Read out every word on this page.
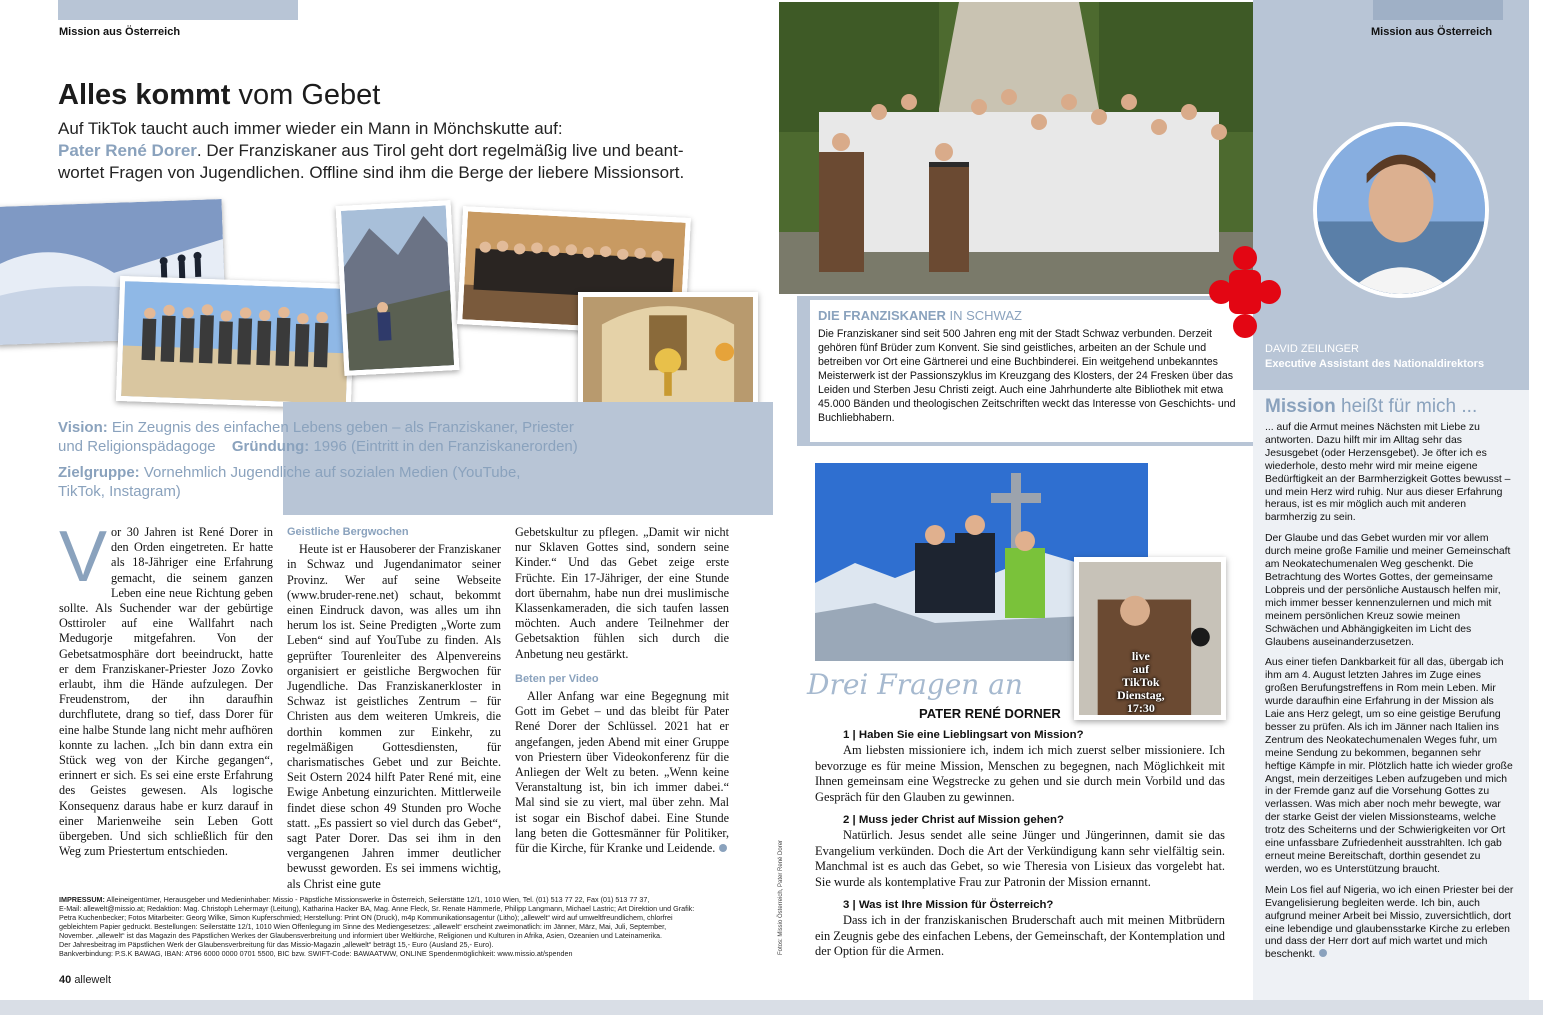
Mission aus Österreich
Alles kommt vom Gebet
Auf TikTok taucht auch immer wieder ein Mann in Mönchskutte auf:
Pater René Dorer. Der Franziskaner aus Tirol geht dort regelmäßig live und beant-
wortet Fragen von Jugendlichen. Offline sind ihm die Berge der liebere Missionsort.
Vision: Ein Zeugnis des einfachen Lebens geben – als Franziskaner, Priester
und Religionspädagoge Gründung: 1996 (Eintritt in den Franziskanerorden)
Zielgruppe: Vornehmlich Jugendliche auf sozialen Medien (YouTube,
TikTok, Instagram)
V or 30 Jahren ist René Dorer in den Orden eingetreten. Er hatte als 18-Jähriger eine Erfahrung gemacht, die seinem ganzen Leben eine neue Richtung geben sollte. Als Suchender war der gebürtige Osttiroler auf eine Wallfahrt nach Medugorje mitgefahren. Von der Gebetsatmosphäre dort beeindruckt, hatte er dem Franziskaner-Priester Jozo Zovko erlaubt, ihm die Hände aufzulegen. Der Freudenstrom, der ihn daraufhin durchflutete, drang so tief, dass Dorer für eine halbe Stunde lang nicht mehr aufhören konnte zu lachen. „Ich bin dann extra ein Stück weg von der Kirche gegangen“, erinnert er sich. Es sei eine erste Erfahrung des Geistes gewesen. Als logische Konsequenz daraus habe er kurz darauf in einer Marienweihe sein Leben Gott übergeben. Und sich schließlich für den Weg zum Priestertum entschieden.

Geistliche Bergwochen

Heute ist er Hausoberer der Franziskaner in Schwaz und Jugendanimator seiner Provinz. Wer auf seine Webseite (www.bruder-rene.net) schaut, bekommt einen Eindruck davon, was alles um ihn herum los ist. Seine Predigten „Worte zum Leben“ sind auf YouTube zu finden. Als geprüfter Tourenleiter des Alpenvereins organisiert er geistliche Bergwochen für Jugendliche. Das Franziskanerkloster in Schwaz ist geistliches Zentrum – für Christen aus dem weiteren Umkreis, die dorthin kommen zur Einkehr, zu regelmäßigen Gottesdiensten, für charismatisches Gebet und zur Beichte. Seit Ostern 2024 hilft Pater René mit, eine Ewige Anbetung einzurichten. Mittlerweile findet diese schon 49 Stunden pro Woche statt. „Es passiert so viel durch das Gebet“, sagt Pater Dorer. Das sei ihm in den vergangenen Jahren immer deutlicher bewusst geworden. Es sei immens wichtig, als Christ eine gute

Gebetskultur zu pflegen. „Damit wir nicht nur Sklaven Gottes sind, sondern seine Kinder.“ Und das Gebet zeige erste Früchte. Ein 17-Jähriger, der eine Stunde dort übernahm, habe nun drei muslimische Klassenkameraden, die sich taufen lassen möchten. Auch andere Teilnehmer der Gebetsaktion fühlen sich durch die Anbetung neu gestärkt.

Beten per Video

Aller Anfang war eine Begegnung mit Gott im Gebet – und das bleibt für Pater René Dorer der Schlüssel. 2021 hat er angefangen, jeden Abend mit einer Gruppe von Priestern über Videokonferenz für die Anliegen der Welt zu beten. „Wenn keine Veranstaltung ist, bin ich immer dabei.“ Mal sind sie zu viert, mal über zehn. Mal ist sogar ein Bischof dabei. Eine Stunde lang beten die Gottesmänner für Politiker, für die Kirche, für Kranke und Leidende.

IMPRESSUM: Alleineigentümer, Herausgeber und Medieninhaber: Missio - Päpstliche Missionswerke in Österreich, Seilerstätte 12/1, 1010 Wien, Tel. (01) 513 77 22, Fax (01) 513 77 37,
E-Mail: allewelt@missio.at; Redaktion: Mag. Christoph Lehermayr (Leitung), Katharina Hacker BA, Mag. Anne Fleck, Sr. Renate Hämmerle, Philipp Langmann, Michael Lastric; Art Direktion und Grafik:
Petra Kuchenbecker; Fotos Mitarbeiter: Georg Wilke, Simon Kupferschmied; Herstellung: Print ON (Druck), m4p Kommunikationsagentur (Litho); „allewelt“ wird auf umweltfreundlichem, chlorfrei
gebleichtem Papier gedruckt. Bestellungen: Seilerstätte 12/1, 1010 Wien Offenlegung im Sinne des Mediengesetzes: „allewelt“ erscheint zweimonatlich: im Jänner, März, Mai, Juli, September,
November. „allewelt“ ist das Magazin des Päpstlichen Werkes der Glaubensverbreitung und informiert über Weltkirche, Religionen und Kulturen in Afrika, Asien, Ozeanien und Lateinamerika.
Der Jahresbeitrag im Päpstlichen Werk der Glaubensverbreitung für das Missio-Magazin „allewelt“ beträgt 15,- Euro (Ausland 25,- Euro).
Bankverbindung: P.S.K BAWAG, IBAN: AT96 6000 0000 0701 5500, BIC bzw. SWIFT-Code: BAWAATWW, ONLINE Spendenmöglichkeit: www.missio.at/spenden
40 allewelt
DIE FRANZISKANER IN SCHWAZ
Die Franziskaner sind seit 500 Jahren eng mit der Stadt Schwaz verbunden. Derzeit gehören fünf Brüder zum Konvent. Sie sind geistliches, arbeiten an der Schule und betreiben vor Ort eine Gärtnerei und eine Buchbinderei. Ein weitgehend unbekanntes Meisterwerk ist der Passionszyklus im Kreuzgang des Klosters, der 24 Fresken über das Leiden und Sterben Jesu Christi zeigt. Auch eine Jahrhunderte alte Bibliothek mit etwa 45.000 Bänden und theologischen Zeitschriften weckt das Interesse von Geschichts- und Buchliebhabern.
live
auf
TikTok
Dienstag,
17:30
Fotos: Missio Österreich, Pater René Dorer
Drei Fragen an
PATER RENÉ DORNER
1 | Haben Sie eine Lieblingsart von Mission?

Am liebsten missioniere ich, indem ich mich zuerst selber missioniere. Ich bevorzuge es für meine Mission, Menschen zu begegnen, nach Möglichkeit mit Ihnen gemeinsam eine Wegstrecke zu gehen und sie durch mein Vorbild und das Gespräch für den Glauben zu gewinnen.

2 | Muss jeder Christ auf Mission gehen?

Natürlich. Jesus sendet alle seine Jünger und Jüngerinnen, damit sie das Evangelium verkünden. Doch die Art der Verkündigung kann sehr vielfältig sein. Manchmal ist es auch das Gebet, so wie Theresia von Lisieux das vorgelebt hat. Sie wurde als kontemplative Frau zur Patronin der Mission ernannt.

3 | Was ist Ihre Mission für Österreich?

Dass ich in der franziskanischen Bruderschaft auch mit meinen Mitbrüdern ein Zeugnis gebe des einfachen Lebens, der Gemeinschaft, der Kontemplation und der Option für die Armen.

Mission aus Österreich
DAVID ZEILINGER
Executive Assistant des Nationaldirektors
Mission heißt für mich ...

... auf die Armut meines Nächsten mit Liebe zu antworten. Dazu hilft mir im Alltag sehr das Jesusgebet (oder Herzensgebet). Je öfter ich es wiederhole, desto mehr wird mir meine eigene Bedürftigkeit an der Barmherzigkeit Gottes bewusst – und mein Herz wird ruhig. Nur aus dieser Erfahrung heraus, ist es mir möglich auch mit anderen barmherzig zu sein.

Der Glaube und das Gebet wurden mir vor allem durch meine große Familie und meiner Gemeinschaft am Neokatechumenalen Weg geschenkt. Die Betrachtung des Wortes Gottes, der gemeinsame Lobpreis und der persönliche Austausch helfen mir, mich immer besser kennenzulernen und mich mit meinem persönlichen Kreuz sowie meinen Schwächen und Abhängigkeiten im Licht des Glaubens auseinanderzusetzen.

Aus einer tiefen Dankbarkeit für all das, übergab ich ihm am 4. August letzten Jahres im Zuge eines großen Berufungstreffens in Rom mein Leben. Mir wurde daraufhin eine Erfahrung in der Mission als Laie ans Herz gelegt, um so eine geistige Berufung besser zu prüfen. Als ich im Jänner nach Italien ins Zentrum des Neokatechumenalen Weges fuhr, um meine Sendung zu bekommen, begannen sehr heftige Kämpfe in mir. Plötzlich hatte ich wieder große Angst, mein derzeitiges Leben aufzugeben und mich in der Fremde ganz auf die Vorsehung Gottes zu verlassen. Was mich aber noch mehr bewegte, war der starke Geist der vielen Missionsteams, welche trotz des Scheiterns und der Schwierigkeiten vor Ort eine unfassbare Zufriedenheit ausstrahlten. Ich gab erneut meine Bereitschaft, dorthin gesendet zu werden, wo es Unterstützung braucht.

Mein Los fiel auf Nigeria, wo ich einen Priester bei der Evangelisierung begleiten werde. Ich bin, auch aufgrund meiner Arbeit bei Missio, zuversichtlich, dort eine lebendige und glaubensstarke Kirche zu erleben und dass der Herr dort auf mich wartet und mich beschenkt.
